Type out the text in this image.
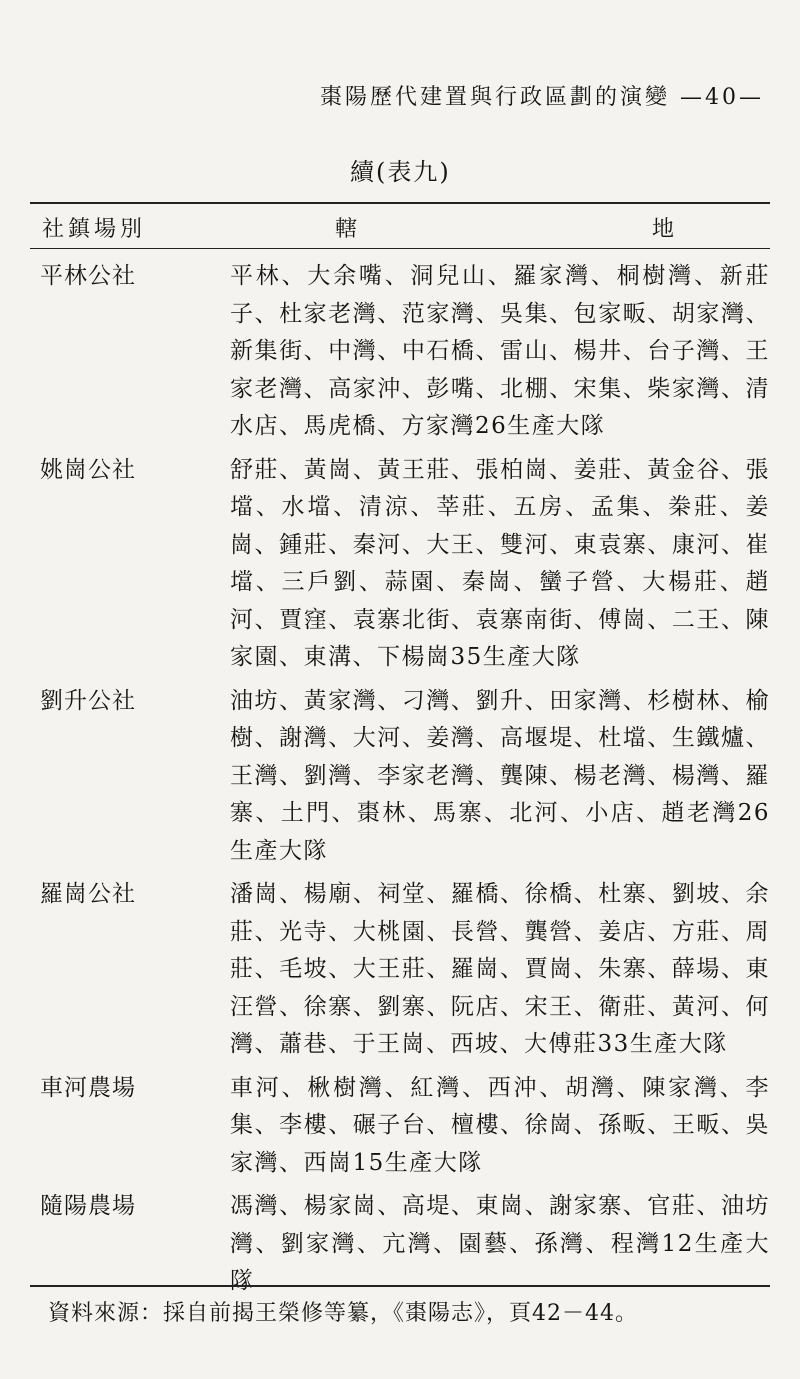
棗陽歷代建置與行政區劃的演變 —40—
續(表九)
社鎮場別	轄	地
平林公社	平林、大余嘴、洞兒山、羅家灣、桐樹灣、新莊子、杜家老灣、范家灣、吳集、包家畈、胡家灣、新集街、中灣、中石橋、雷山、楊井、台子灣、王家老灣、高家沖、彭嘴、北棚、宋集、柴家灣、清水店、馬虎橋、方家灣26生產大隊
姚崗公社	舒莊、黃崗、黃王莊、張柏崗、姜莊、黃金谷、張壋、水壋、清涼、莘莊、五房、孟集、桊莊、姜崗、鍾莊、秦河、大王、雙河、東袁寨、康河、崔壋、三戶劉、蒜園、秦崗、蠻子營、大楊莊、趙河、賈窪、袁寨北街、袁寨南街、傅崗、二王、陳家園、東溝、下楊崗35生產大隊
劉升公社	油坊、黃家灣、刁灣、劉升、田家灣、杉樹林、榆樹、謝灣、大河、姜灣、高堰堤、杜壋、生鐵爐、王灣、劉灣、李家老灣、龔陳、楊老灣、楊灣、羅寨、土門、棗林、馬寨、北河、小店、趙老灣26生產大隊
羅崗公社	潘崗、楊廟、祠堂、羅橋、徐橋、杜寨、劉坡、余莊、光寺、大桃園、長營、龔營、姜店、方莊、周莊、毛坡、大王莊、羅崗、賈崗、朱寨、薛場、東汪營、徐寨、劉寨、阮店、宋王、衛莊、黃河、何灣、蕭巷、于王崗、西坡、大傅莊33生產大隊
車河農場	車河、楸樹灣、紅灣、西沖、胡灣、陳家灣、李集、李樓、碾子台、檀樓、徐崗、孫畈、王畈、吳家灣、西崗15生產大隊
隨陽農場	馮灣、楊家崗、高堤、東崗、謝家寨、官莊、油坊灣、劉家灣、亢灣、園藝、孫灣、程灣12生產大隊
資料來源：採自前揭王榮修等纂，《棗陽志》，頁42－44。
